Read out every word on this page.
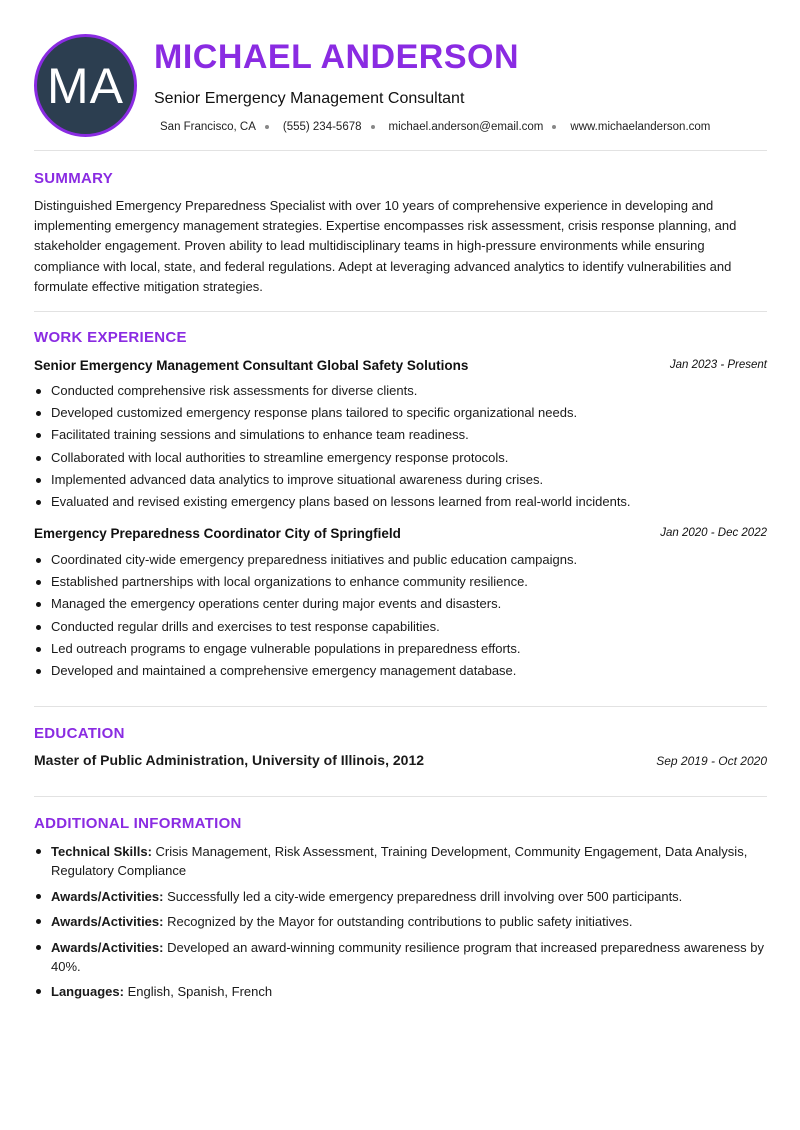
MA
MICHAEL ANDERSON
Senior Emergency Management Consultant
San Francisco, CA (555) 234-5678 michael.anderson@email.com www.michaelanderson.com
SUMMARY

Distinguished Emergency Preparedness Specialist with over 10 years of comprehensive experience in developing and implementing emergency management strategies. Expertise encompasses risk assessment, crisis response planning, and stakeholder engagement. Proven ability to lead multidisciplinary teams in high-pressure environments while ensuring compliance with local, state, and federal regulations. Adept at leveraging advanced analytics to identify vulnerabilities and formulate effective mitigation strategies.

WORK EXPERIENCE
Senior Emergency Management Consultant Global Safety Solutions	Jan 2023 - Present
Conducted comprehensive risk assessments for diverse clients.
Developed customized emergency response plans tailored to specific organizational needs.
Facilitated training sessions and simulations to enhance team readiness.
Collaborated with local authorities to streamline emergency response protocols.
Implemented advanced data analytics to improve situational awareness during crises.
Evaluated and revised existing emergency plans based on lessons learned from real-world incidents.
Emergency Preparedness Coordinator City of Springfield	Jan 2020 - Dec 2022
Coordinated city-wide emergency preparedness initiatives and public education campaigns.
Established partnerships with local organizations to enhance community resilience.
Managed the emergency operations center during major events and disasters.
Conducted regular drills and exercises to test response capabilities.
Led outreach programs to engage vulnerable populations in preparedness efforts.
Developed and maintained a comprehensive emergency management database.
EDUCATION
Master of Public Administration, University of Illinois, 2012	Sep 2019 - Oct 2020
ADDITIONAL INFORMATION
Technical Skills: Crisis Management, Risk Assessment, Training Development, Community Engagement, Data Analysis, Regulatory Compliance
Awards/Activities: Successfully led a city-wide emergency preparedness drill involving over 500 participants.
Awards/Activities: Recognized by the Mayor for outstanding contributions to public safety initiatives.
Awards/Activities: Developed an award-winning community resilience program that increased preparedness awareness by 40%.
Languages: English, Spanish, French
